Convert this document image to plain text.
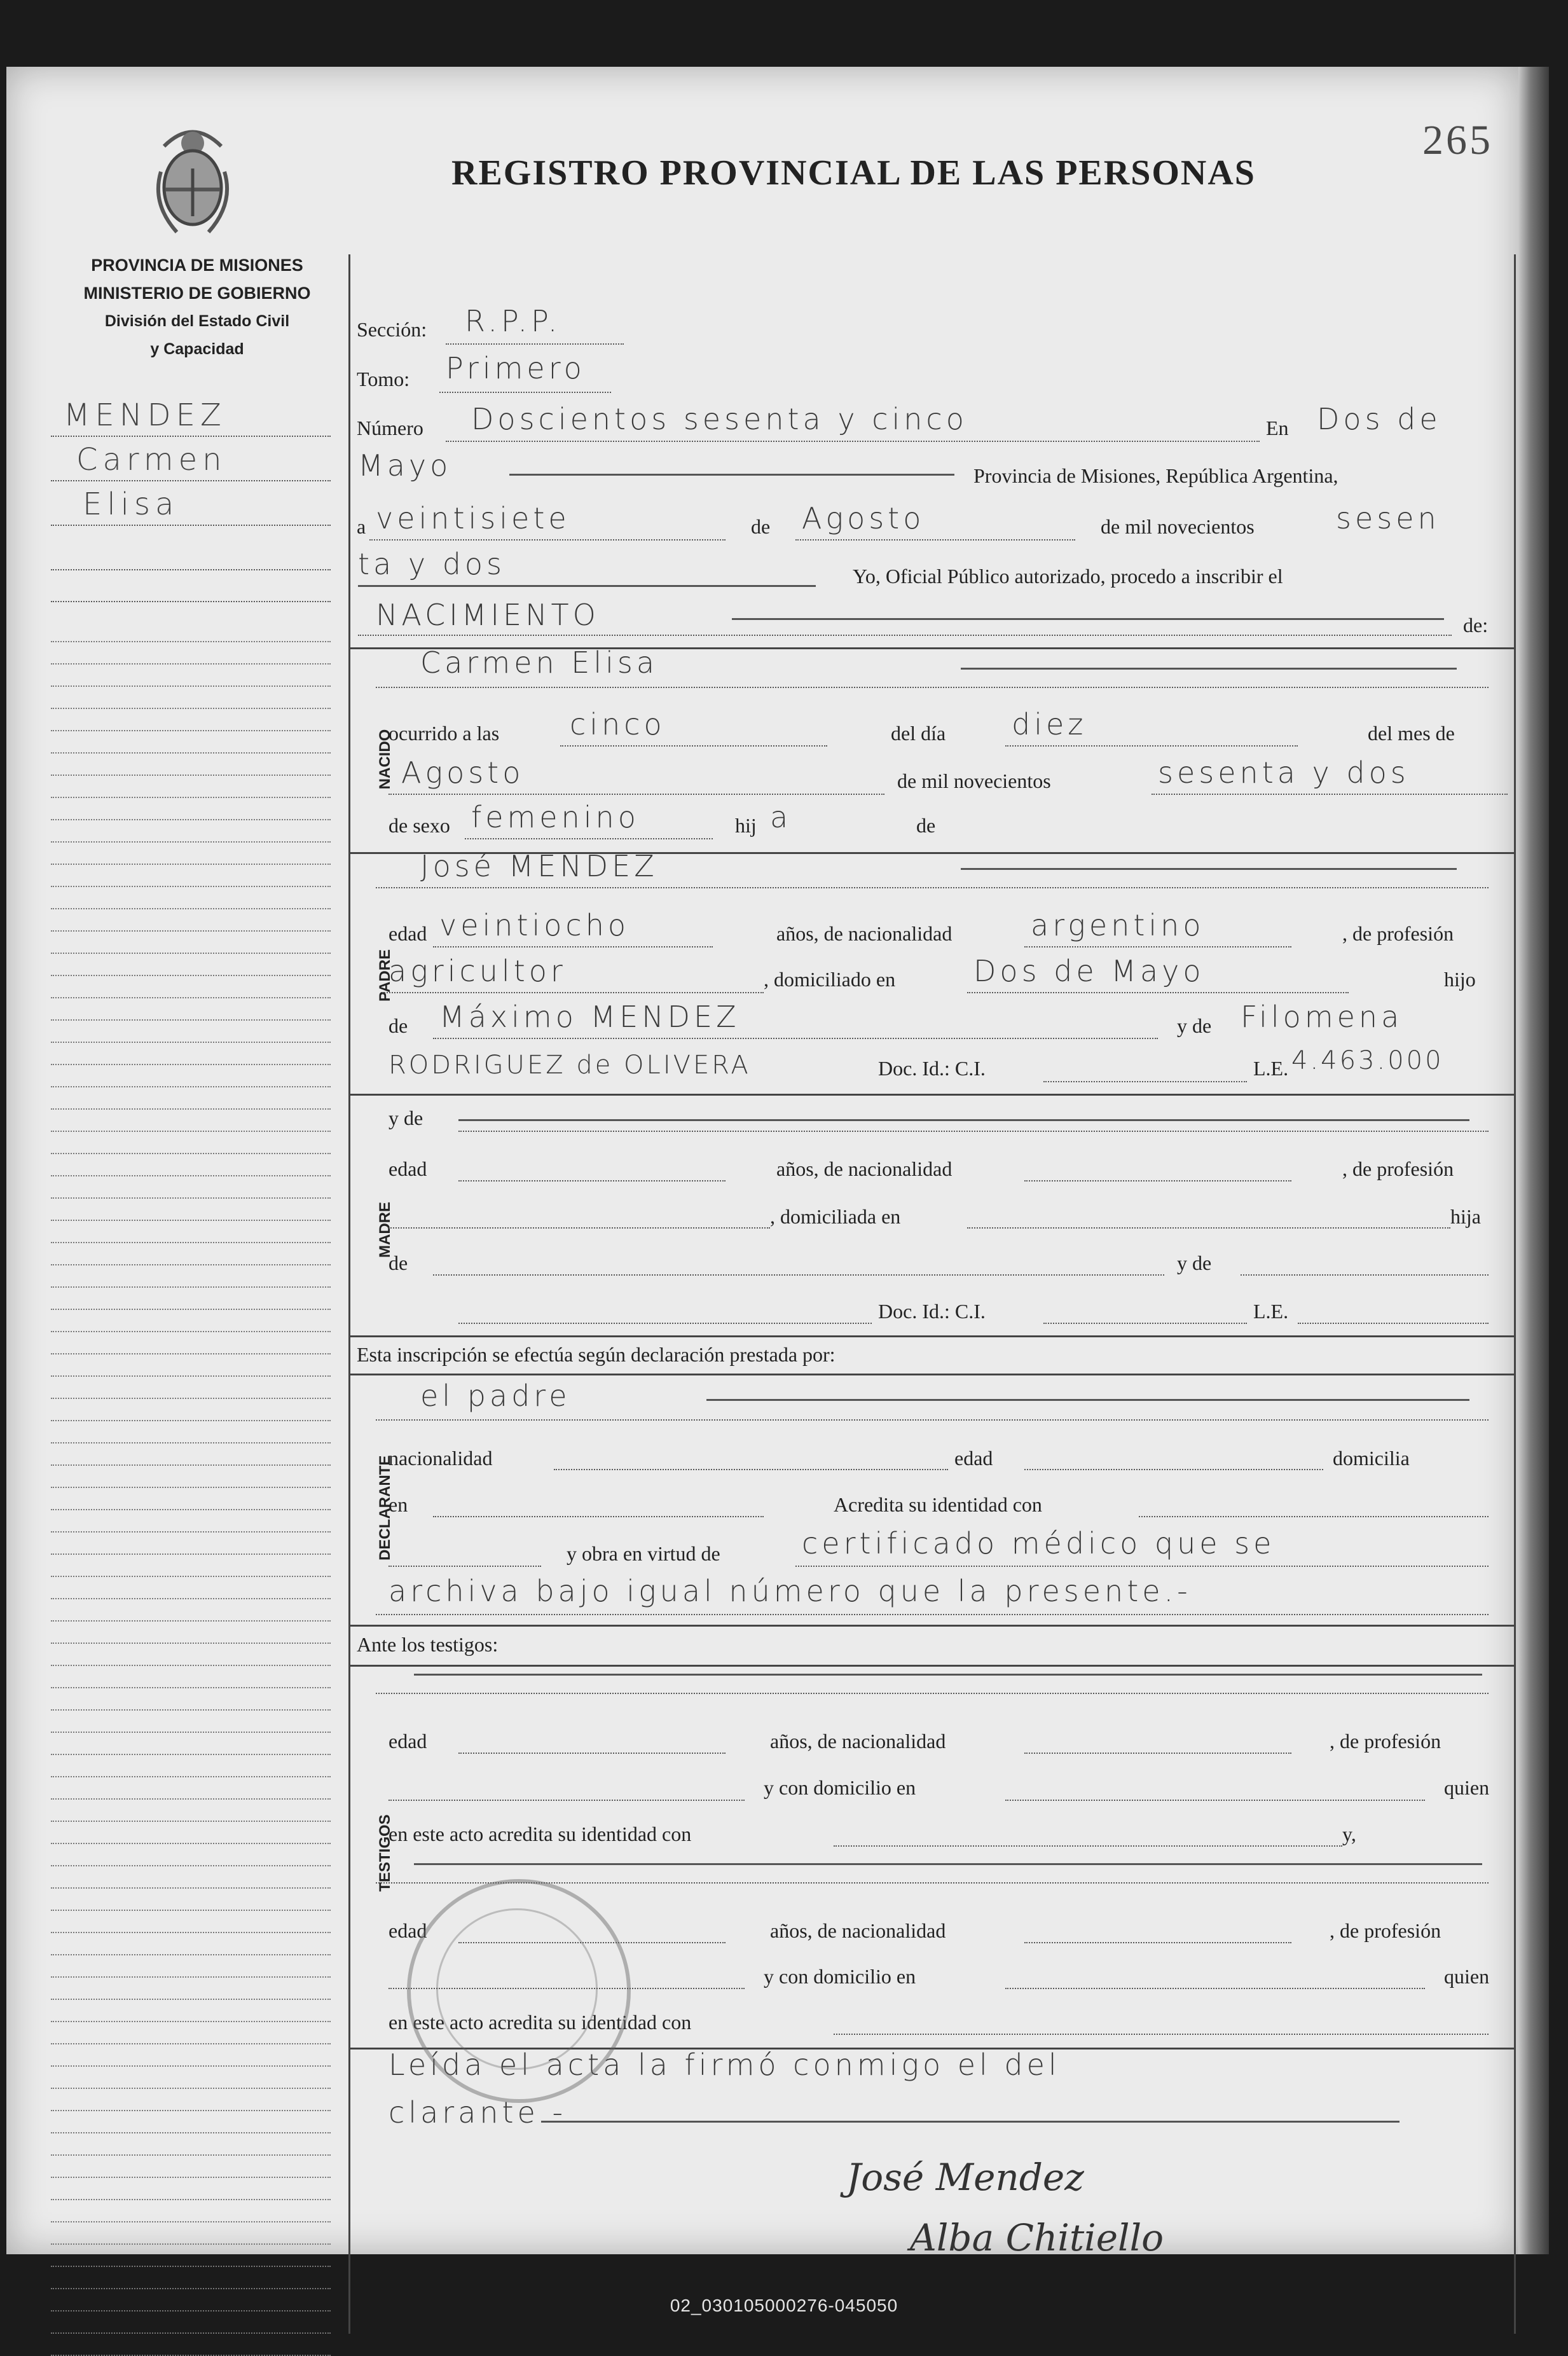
265
REGISTRO PROVINCIAL DE LAS PERSONAS
PROVINCIA DE MISIONES
MINISTERIO DE GOBIERNO
División del Estado Civil
y Capacidad
MENDEZ
Carmen
Elisa
Sección: R.P.P.
Tomo: Primero
Número Doscientos sesenta y cinco	En Dos de
Mayo	Provincia de Misiones, República Argentina,
a veintisiete	de Agosto	de mil novecientos	sesen
ta y dos	Yo, Oficial Público autorizado, procedo a inscribir el
NACIMIENTO	de:
NACIDO
Carmen Elisa
ocurrido a las cinco	del día diez	del mes de
Agosto	de mil novecientos	sesenta y dos
de sexo femenino	hij a	de
PADRE
José MENDEZ
edad veintiocho	años, de nacionalidad	argentino	, de profesión
agricultor	, domiciliado en	Dos de Mayo	hijo
de Máximo MENDEZ	y de Filomena
RODRIGUEZ de OLIVERA	Doc. Id.: C.I.	L.E. 4.463.000
MADRE
y de
edad	años, de nacionalidad	, de profesión
, domiciliada en	hija
de	y de
Doc. Id.: C.I.	L.E.
Esta inscripción se efectúa según declaración prestada por:
DECLARANTE
el padre
nacionalidad	edad	domicilia
en	Acredita su identidad con
y obra en virtud de	certificado médico que se
archiva bajo igual número que la presente.-
Ante los testigos:
TESTIGOS
edad	años, de nacionalidad	, de profesión
y con domicilio en	quien
en este acto acredita su identidad con	y,
edad	años, de nacionalidad	, de profesión
y con domicilio en	quien
en este acto acredita su identidad con
Leída el acta la firmó conmigo el del
clarante.-
José Mendez
Alba Chitiello
02_030105000276-045050
